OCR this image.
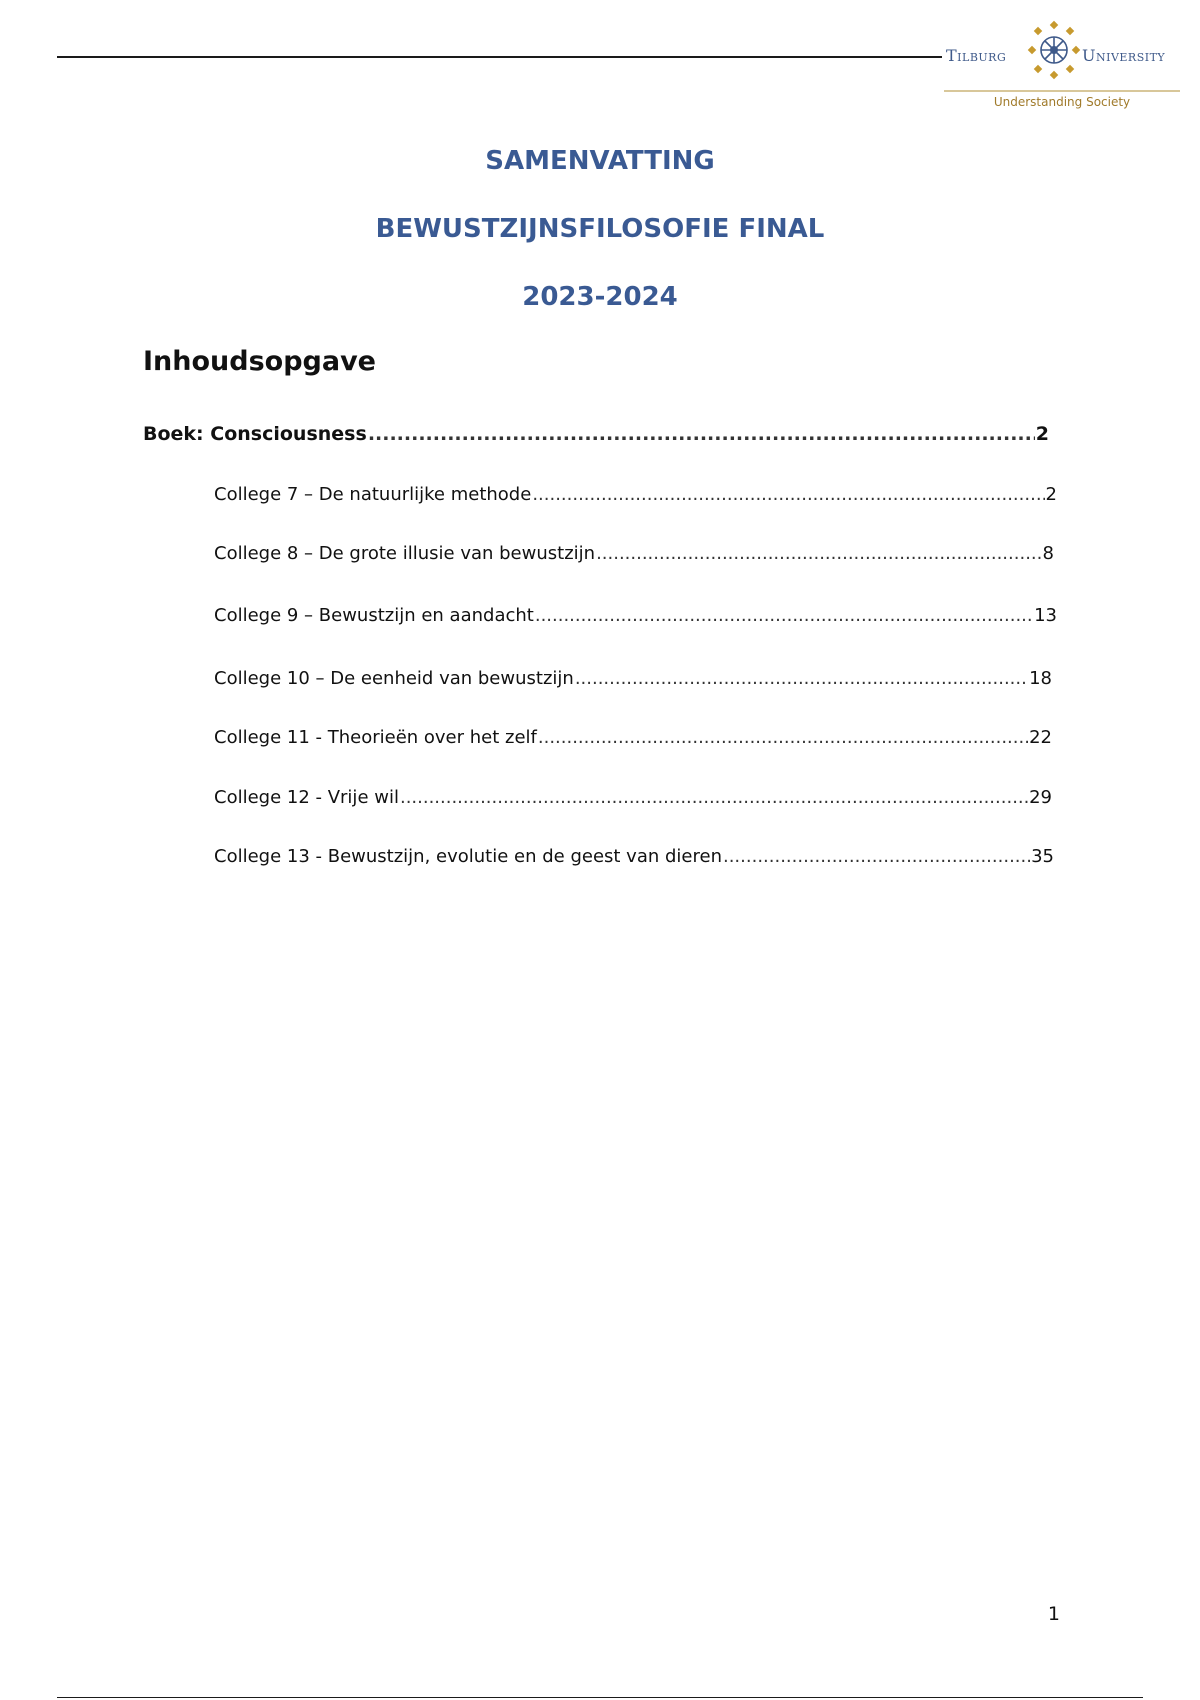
Tilburg	University
Understanding Society
SAMENVATTING
BEWUSTZIJNSFILOSOFIE FINAL
2023-2024
Inhoudsopgave
Boek: Consciousness .....	2
College 7 – De natuurlijke methode .....	2
College 8 – De grote illusie van bewustzijn .....	8
College 9 – Bewustzijn en aandacht .....	13
College 10 – De eenheid van bewustzijn .....	18
College 11 - Theorieën over het zelf .....	22
College 12 - Vrije wil .....	29
College 13 - Bewustzijn, evolutie en de geest van dieren .....	35
1
